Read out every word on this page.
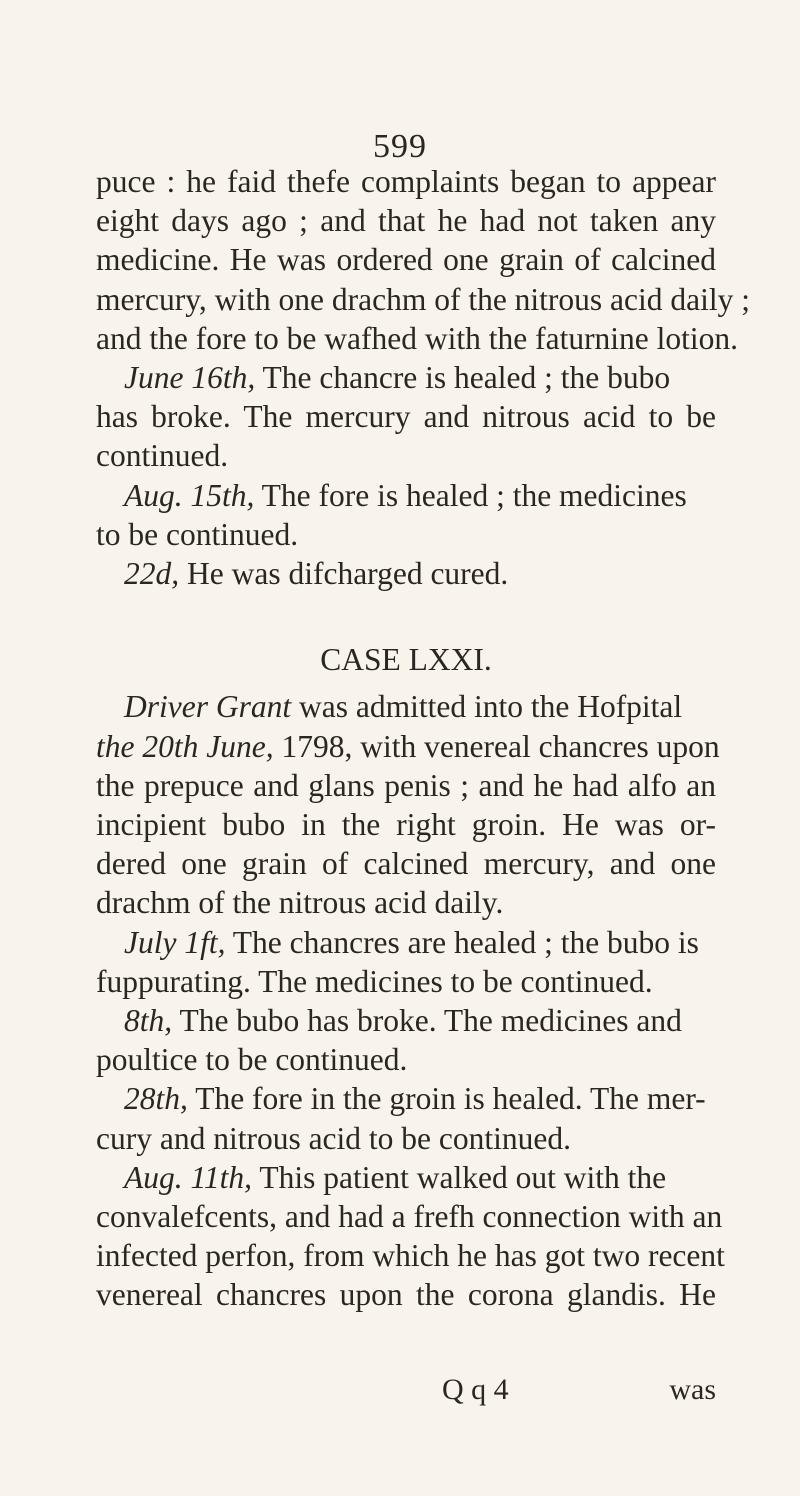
599
puce : he faid thefe complaints began to appear
eight days ago ; and that he had not taken any
medicine. He was ordered one grain of calcined
mercury, with one drachm of the nitrous acid daily ;
and the fore to be wafhed with the faturnine lotion.
June 16th, The chancre is healed ; the bubo
has broke. The mercury and nitrous acid to be
continued.
Aug. 15th, The fore is healed ; the medicines
to be continued.
22d, He was difcharged cured.
CASE LXXI.
Driver Grant was admitted into the Hofpital
the 20th June, 1798, with venereal chancres upon
the prepuce and glans penis ; and he had alfo an
incipient bubo in the right groin. He was or-
dered one grain of calcined mercury, and one
drachm of the nitrous acid daily.
July 1ft, The chancres are healed ; the bubo is
fuppurating. The medicines to be continued.
8th, The bubo has broke. The medicines and
poultice to be continued.
28th, The fore in the groin is healed. The mer-
cury and nitrous acid to be continued.
Aug. 11th, This patient walked out with the
convalefcents, and had a frefh connection with an
infected perfon, from which he has got two recent
venereal chancres upon the corona glandis. He
Q q 4	was
